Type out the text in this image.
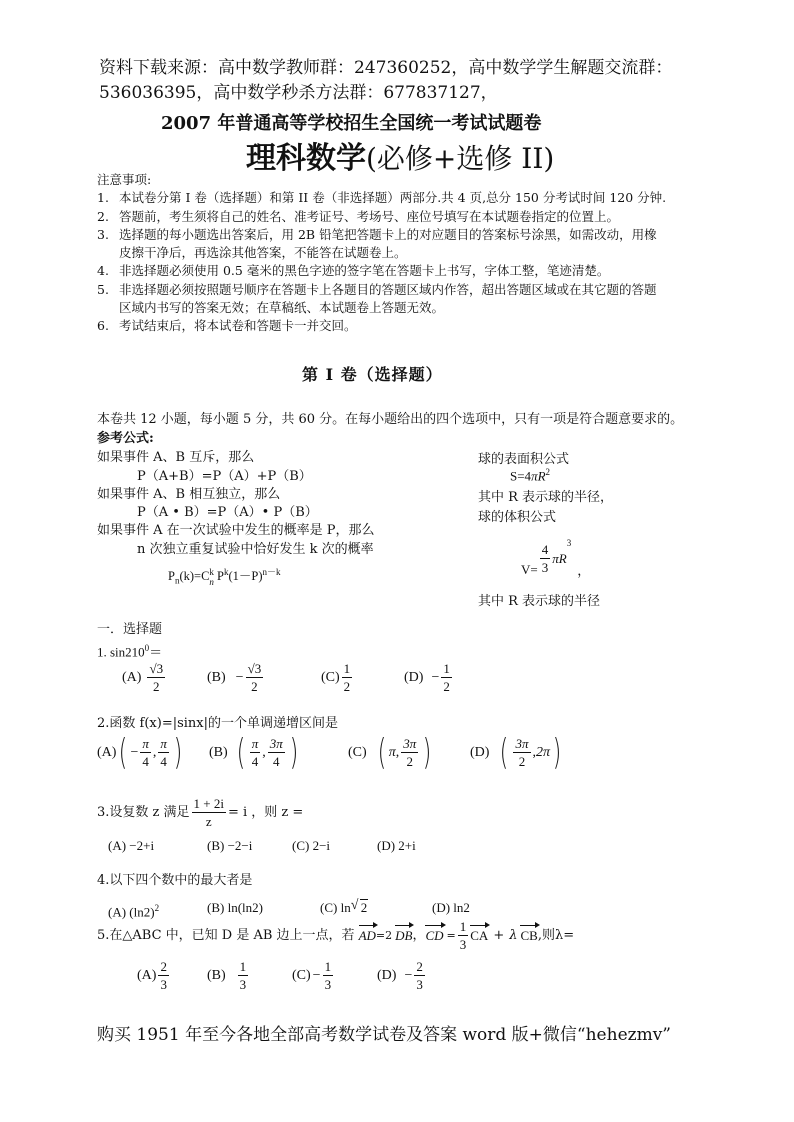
资料下载来源：高中数学教师群：247360252，高中数学学生解题交流群：
536036395，高中数学秒杀方法群：677837127，
2007 年普通高等学校招生全国统一考试试题卷
理科数学(必修+选修 II)
注意事项:
1. 本试卷分第 I 卷（选择题）和第 II 卷（非选择题）两部分.共 4 页,总分 150 分考试时间 120 分钟.
2. 答题前，考生须将自己的姓名、准考证号、考场号、座位号填写在本试题卷指定的位置上。
3. 选择题的每小题选出答案后，用 2B 铅笔把答题卡上的对应题目的答案标号涂黑，如需改动，用橡
皮擦干净后，再选涂其他答案，不能答在试题卷上。
4. 非选择题必须使用 0.5 毫米的黑色字迹的签字笔在答题卡上书写，字体工整，笔迹清楚。
5. 非选择题必须按照题号顺序在答题卡上各题目的答题区域内作答，超出答题区域或在其它题的答题
区域内书写的答案无效；在草稿纸、本试题卷上答题无效。
6. 考试结束后，将本试卷和答题卡一并交回。
第 I 卷（选择题）
本卷共 12 小题，每小题 5 分，共 60 分。在每小题给出的四个选项中，只有一项是符合题意要求的。
参考公式:
如果事件 A、B 互斥，那么
P（A+B）=P（A）+P（B）
如果事件 A、B 相互独立，那么
P（A • B）=P（A）• P（B）
如果事件 A 在一次试验中发生的概率是 P，那么
n 次独立重复试验中恰好发生 k 次的概率
$P_n(k)=C$ k
n $P^k(1-P)^{n-k}$
球的表面积公式
$S=4\pi R^2$
其中 R 表示球的半径，
球的体积公式
$V= \frac{4}{3}$ π R
3
，
其中 R 表示球的半径
一．选择题
1. $\sin 210^0=$
$(A) \frac{√3}{2}$	$(B) - \frac{√3}{2}$	$(C) \frac{1}{2}$	$(D) - \frac{1}{2}$
2.函数 f(x)=|sinx|的一个单调递增区间是
(A) ( − $\frac{\pi}{4}$ , $\frac{\pi}{4}$ ) (B) ( $\frac{\pi}{4}$ , $\frac{3\pi}{4}$ )	(C) ( π , $\frac{3\pi}{2}$ )	(D) ( $\frac{3\pi}{2}$ , 2π )
3.设复数 z 满足 $\frac{1 + 2i}{z} = i$ ，则 z =
(A) −2+i	(B) −2−i	(C) 2−i	(D) 2+i
4.以下四个数中的最大者是
(A) $(\ln 2)^2$	(B) ln(ln2)	(C) ln√ 2	(D) ln2
5.在△ABC 中，已知 D 是 AB 边上一点，若 AD =2 DB ， CD = $\frac{1}{3}$ CA + λ CB ,则λ=
$(A) \frac{2}{3}$	$(B) \frac{1}{3}$	$(C) - \frac{1}{3}$	$(D) - \frac{2}{3}$
购买 1951 年至今各地全部高考数学试卷及答案 word 版+微信“hehezmv”
